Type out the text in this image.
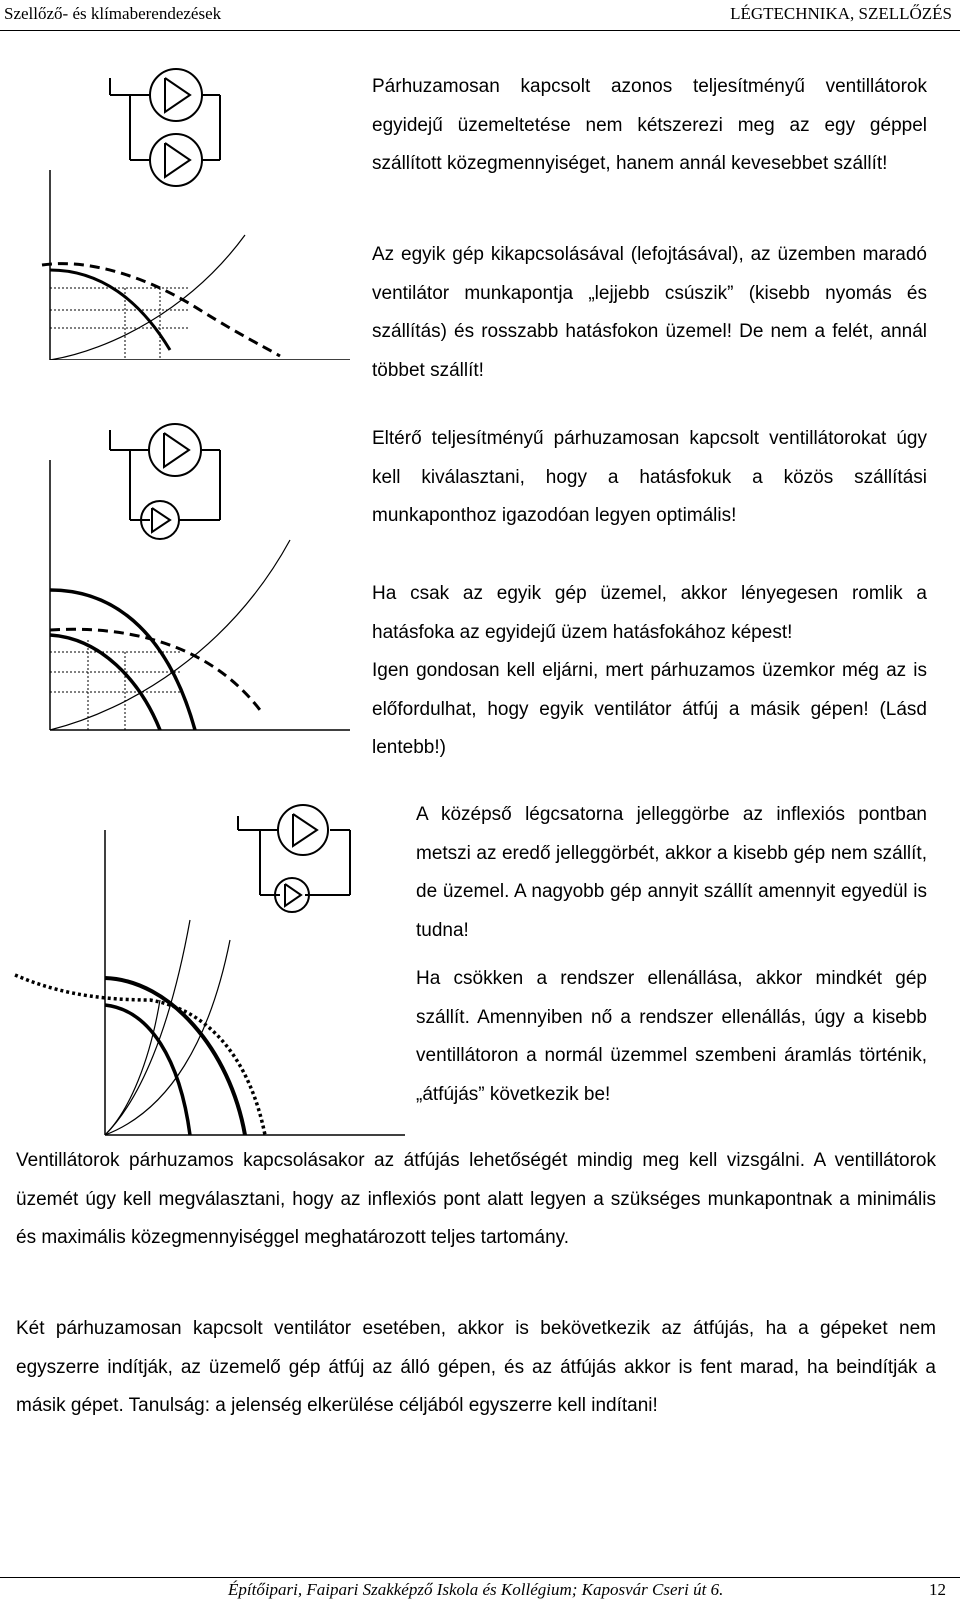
Szellőző- és klímaberendezések	LÉGTECHNIKA, SZELLŐZÉS

Párhuzamosan kapcsolt azonos teljesítményű ventillátorok egyidejű üzemeltetése nem kétszerezi meg az egy géppel szállított közegmennyiséget, hanem annál kevesebbet szállít!

Az egyik gép kikapcsolásával (lefojtásával), az üzemben maradó ventilátor munkapontja „lejjebb csúszik” (kisebb nyomás és szállítás) és rosszabb hatásfokon üzemel! De nem a felét, annál többet szállít!

Eltérő teljesítményű párhuzamosan kapcsolt ventillátorokat úgy kell kiválasztani, hogy a hatásfokuk a közös szállítási munkaponthoz igazodóan legyen optimális!

Ha csak az egyik gép üzemel, akkor lényegesen romlik a hatásfoka az egyidejű üzem hatásfokához képest!

Igen gondosan kell eljárni, mert párhuzamos üzemkor még az is előfordulhat, hogy egyik ventilátor átfúj a másik gépen! (Lásd lentebb!)

A középső légcsatorna jelleggörbe az inflexiós pontban metszi az eredő jelleggörbét, akkor a kisebb gép nem szállít, de üzemel. A nagyobb gép annyit szállít amennyit egyedül is tudna!

Ha csökken a rendszer ellenállása, akkor mindkét gép szállít. Amennyiben nő a rendszer ellenállás, úgy a kisebb ventillátoron a normál üzemmel szembeni áramlás történik, „átfújás” következik be!

Ventillátorok párhuzamos kapcsolásakor az átfújás lehetőségét mindig meg kell vizsgálni. A ventillátorok üzemét úgy kell megválasztani, hogy az inflexiós pont alatt legyen a szükséges munkapontnak a minimális és maximális közegmennyiséggel meghatározott teljes tartomány.

Két párhuzamosan kapcsolt ventilátor esetében, akkor is bekövetkezik az átfújás, ha a gépeket nem egyszerre indítják, az üzemelő gép átfúj az álló gépen, és az átfújás akkor is fent marad, ha beindítják a másik gépet. Tanulság: a jelenség elkerülése céljából egyszerre kell indítani!

Építőipari, Faipari Szakképző Iskola és Kollégium; Kaposvár Cseri út 6.	12
